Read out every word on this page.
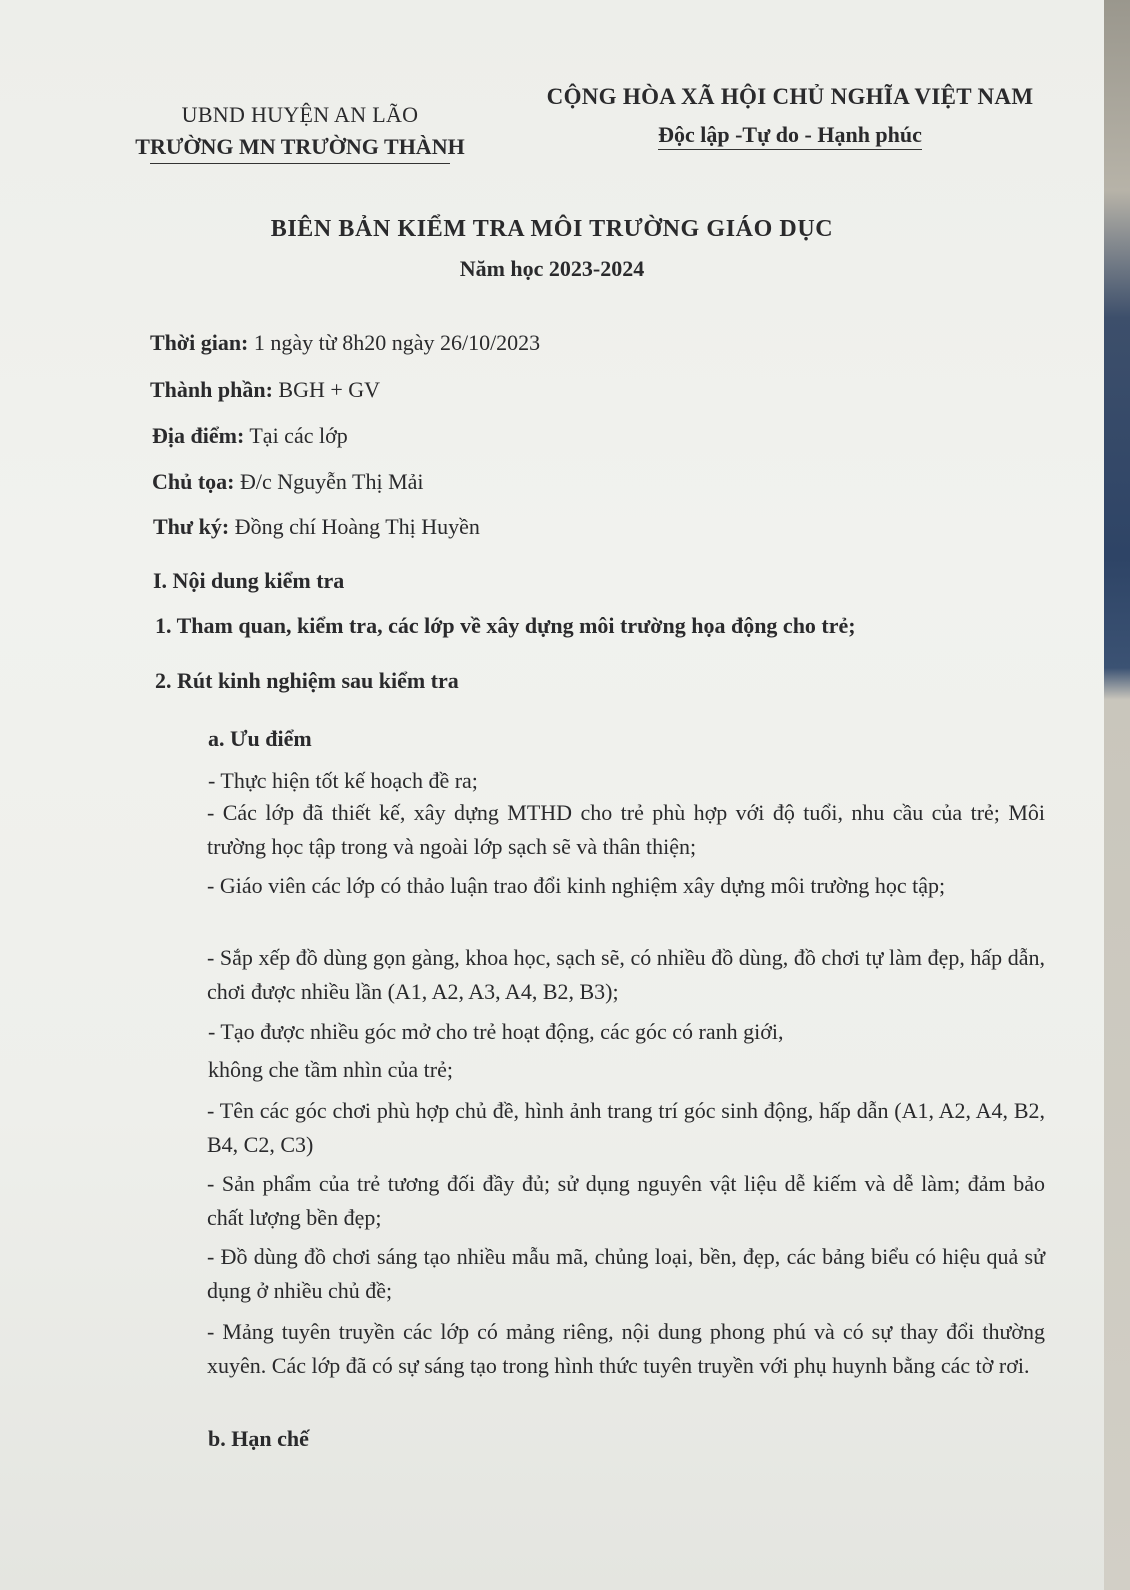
UBND HUYỆN AN LÃO
TRƯỜNG MN TRƯỜNG THÀNH
CỘNG HÒA XÃ HỘI CHỦ NGHĨA VIỆT NAM
Độc lập -Tự do - Hạnh phúc
BIÊN BẢN KIỂM TRA MÔI TRƯỜNG GIÁO DỤC
Năm học 2023-2024
Thời gian: 1 ngày từ 8h20 ngày 26/10/2023
Thành phần: BGH + GV
Địa điểm: Tại các lớp
Chủ tọa: Đ/c Nguyễn Thị Mải
Thư ký: Đồng chí Hoàng Thị Huyền
I. Nội dung kiểm tra
1. Tham quan, kiểm tra, các lớp về xây dựng môi trường họa động cho trẻ;
2. Rút kinh nghiệm sau kiểm tra
a. Ưu điểm
- Thực hiện tốt kế hoạch đề ra;
- Các lớp đã thiết kế, xây dựng MTHD cho trẻ phù hợp với độ tuổi, nhu cầu của trẻ; Môi trường học tập trong và ngoài lớp sạch sẽ và thân thiện;
- Giáo viên các lớp có thảo luận trao đổi kinh nghiệm xây dựng môi trường học tập;
- Sắp xếp đồ dùng gọn gàng, khoa học, sạch sẽ, có nhiều đồ dùng, đồ chơi tự làm đẹp, hấp dẫn, chơi được nhiều lần (A1, A2, A3, A4, B2, B3);
- Tạo được nhiều góc mở cho trẻ hoạt động, các góc có ranh giới,
không che tầm nhìn của trẻ;
- Tên các góc chơi phù hợp chủ đề, hình ảnh trang trí góc sinh động, hấp dẫn (A1, A2, A4, B2, B4, C2, C3)
- Sản phẩm của trẻ tương đối đầy đủ; sử dụng nguyên vật liệu dễ kiếm và dễ làm; đảm bảo chất lượng bền đẹp;
- Đồ dùng đồ chơi sáng tạo nhiều mẫu mã, chủng loại, bền, đẹp, các bảng biểu có hiệu quả sử dụng ở nhiều chủ đề;
- Mảng tuyên truyền các lớp có mảng riêng, nội dung phong phú và có sự thay đổi thường xuyên. Các lớp đã có sự sáng tạo trong hình thức tuyên truyền với phụ huynh bằng các tờ rơi.
b. Hạn chế
